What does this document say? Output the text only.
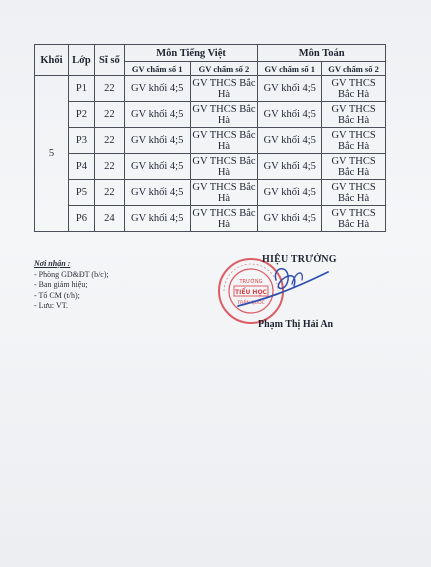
Khối	Lớp	Sĩ số	Môn Tiếng Việt		Môn Toán	
			GV chấm số 1	GV chấm số 2	GV chấm số 1	GV chấm số 2
5	P1	22	GV khối 4;5	GV THCS Bắc Hà	GV khối 4;5	GV THCS Bắc Hà
	P2	22	GV khối 4;5	GV THCS Bắc Hà	GV khối 4;5	GV THCS Bắc Hà
	P3	22	GV khối 4;5	GV THCS Bắc Hà	GV khối 4;5	GV THCS Bắc Hà
	P4	22	GV khối 4;5	GV THCS Bắc Hà	GV khối 4;5	GV THCS Bắc Hà
	P5	22	GV khối 4;5	GV THCS Bắc Hà	GV khối 4;5	GV THCS Bắc Hà
	P6	24	GV khối 4;5	GV THCS Bắc Hà	GV khối 4;5	GV THCS Bắc Hà
Nơi nhận :
- Phòng GD&ĐT (b/c);
- Ban giám hiệu;
- Tổ CM (t/h);
- Lưu: VT.
TIỂU HỌC
TRƯỜNG
TRẦN QUỐC
HIỆU TRƯỞNG
Phạm Thị Hải An
